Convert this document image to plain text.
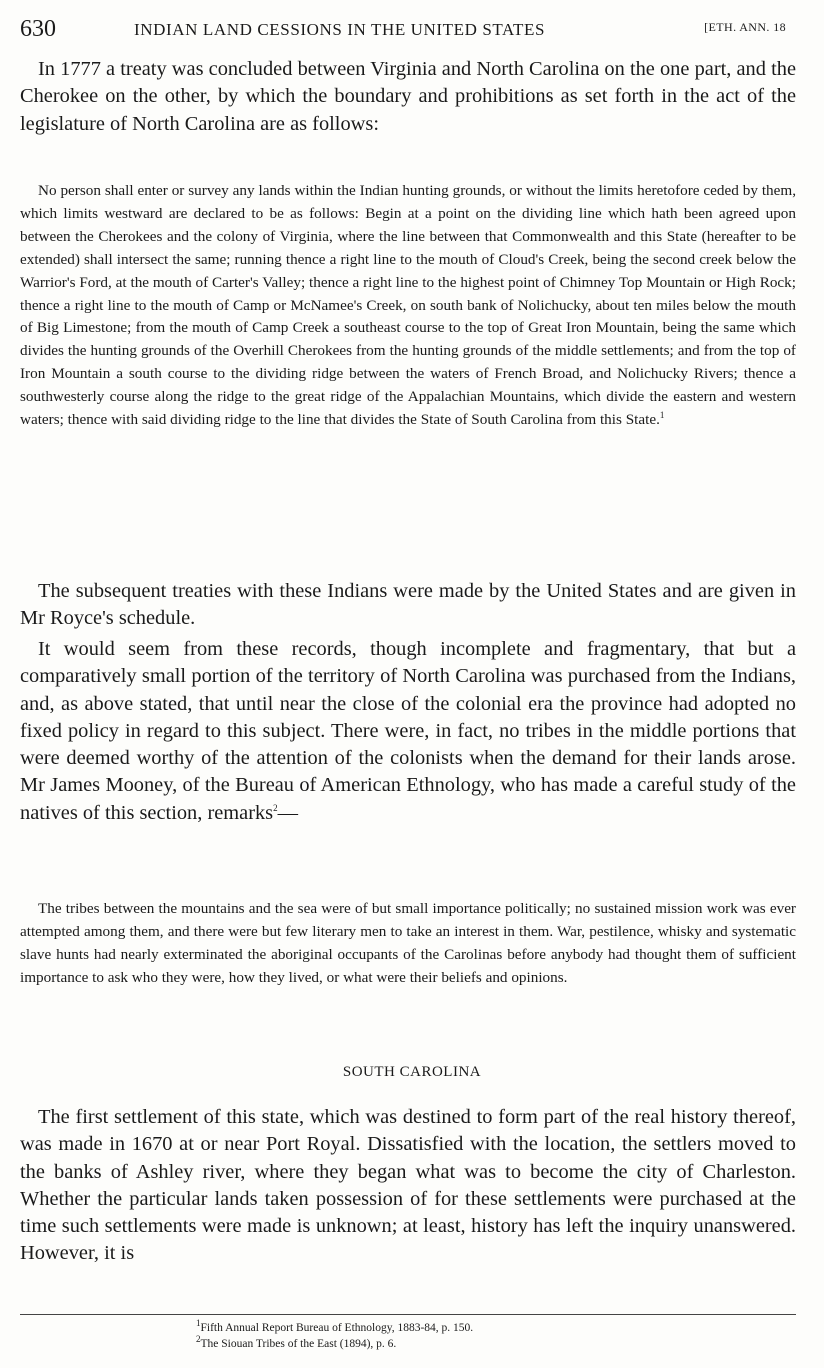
630	INDIAN LAND CESSIONS IN THE UNITED STATES	[ETH. ANN. 18

In 1777 a treaty was concluded between Virginia and North Carolina on the one part, and the Cherokee on the other, by which the boundary and prohibitions as set forth in the act of the legislature of North Carolina are as follows:

No person shall enter or survey any lands within the Indian hunting grounds, or without the limits heretofore ceded by them, which limits westward are declared to be as follows: Begin at a point on the dividing line which hath been agreed upon between the Cherokees and the colony of Virginia, where the line between that Commonwealth and this State (hereafter to be extended) shall intersect the same; running thence a right line to the mouth of Cloud's Creek, being the second creek below the Warrior's Ford, at the mouth of Carter's Valley; thence a right line to the highest point of Chimney Top Mountain or High Rock; thence a right line to the mouth of Camp or McNamee's Creek, on south bank of Nolichucky, about ten miles below the mouth of Big Limestone; from the mouth of Camp Creek a southeast course to the top of Great Iron Mountain, being the same which divides the hunting grounds of the Overhill Cherokees from the hunting grounds of the middle settlements; and from the top of Iron Mountain a south course to the dividing ridge between the waters of French Broad, and Nolichucky Rivers; thence a southwesterly course along the ridge to the great ridge of the Appalachian Mountains, which divide the eastern and western waters; thence with said dividing ridge to the line that divides the State of South Carolina from this State.$^1$

The subsequent treaties with these Indians were made by the United States and are given in Mr Royce's schedule.

It would seem from these records, though incomplete and fragmentary, that but a comparatively small portion of the territory of North Carolina was purchased from the Indians, and, as above stated, that until near the close of the colonial era the province had adopted no fixed policy in regard to this subject. There were, in fact, no tribes in the middle portions that were deemed worthy of the attention of the colonists when the demand for their lands arose. Mr James Mooney, of the Bureau of American Ethnology, who has made a careful study of the natives of this section, remarks$^2$—

The tribes between the mountains and the sea were of but small importance politically; no sustained mission work was ever attempted among them, and there were but few literary men to take an interest in them. War, pestilence, whisky and systematic slave hunts had nearly exterminated the aboriginal occupants of the Carolinas before anybody had thought them of sufficient importance to ask who they were, how they lived, or what were their beliefs and opinions.

SOUTH CAROLINA

The first settlement of this state, which was destined to form part of the real history thereof, was made in 1670 at or near Port Royal. Dissatisfied with the location, the settlers moved to the banks of Ashley river, where they began what was to become the city of Charleston. Whether the particular lands taken possession of for these settlements were purchased at the time such settlements were made is unknown; at least, history has left the inquiry unanswered. However, it is

$^1$Fifth Annual Report Bureau of Ethnology, 1883-84, p. 150.
$^2$The Siouan Tribes of the East (1894), p. 6.
